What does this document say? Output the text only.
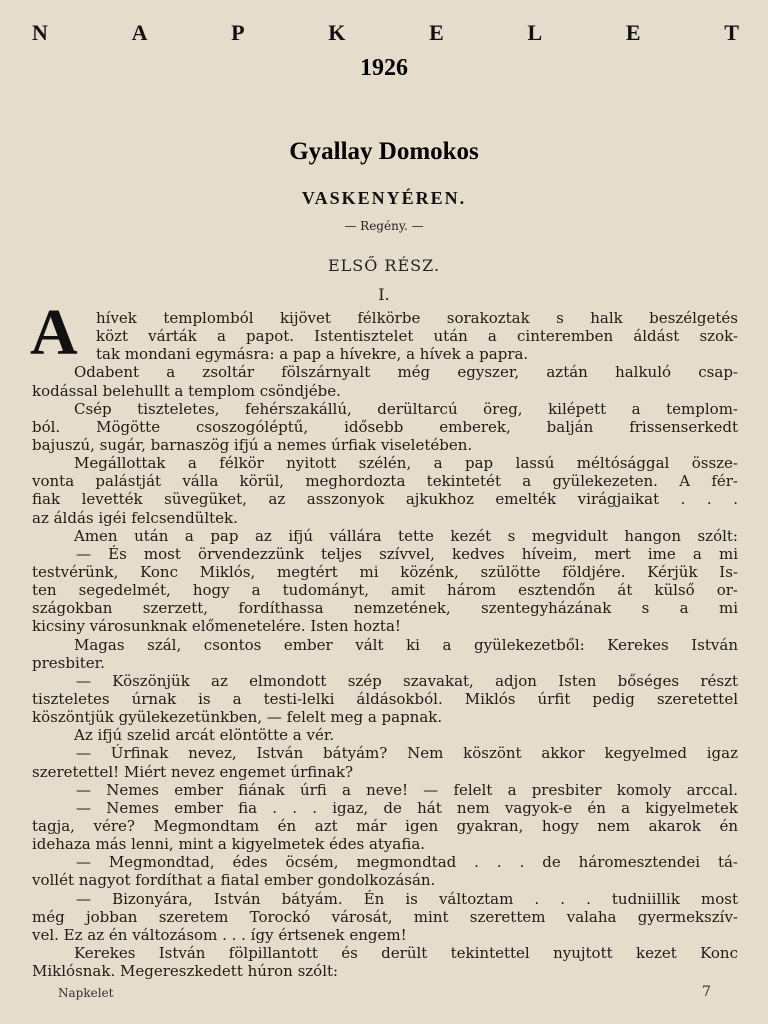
N	A	P	K	E	L	E	T
1926
Gyallay Domokos
VASKENYÉREN.
— Regény. —
ELSŐ RÉSZ.
I.
A	hívek templomból kijövet félkörbe sorakoztak s halk beszélgetés
közt várták a papot. Istentisztelet után a cinteremben áldást szok-
tak mondani egymásra: a pap a hívekre, a hívek a papra.
Odabent a zsoltár fölszárnyalt még egyszer, aztán halkuló csap-
kodással belehullt a templom csöndjébe.
Csép tiszteletes, fehérszakállú, derültarcú öreg, kilépett a templom-
ból. Mögötte csoszogóléptű, idősebb emberek, balján frissenserkedt
bajuszú, sugár, barnaszög ifjú a nemes úrfiak viseletében.
Megállottak a félkör nyitott szélén, a pap lassú méltósággal össze-
vonta palástját válla körül, meghordozta tekintetét a gyülekezeten. A fér-
fiak levették süvegüket, az asszonyok ajkukhoz emelték virágjaikat . . .
az áldás igéi felcsendültek.
Amen után a pap az ifjú vállára tette kezét s megvidult hangon szólt:
— És most örvendezzünk teljes szívvel, kedves híveim, mert ime a mi
testvérünk, Konc Miklós, megtért mi közénk, szülötte földjére. Kérjük Is-
ten segedelmét, hogy a tudományt, amit három esztendőn át külső or-
szágokban szerzett, fordíthassa nemzetének, szentegyházának s a mi
kicsiny városunknak előmenetelére. Isten hozta!
Magas szál, csontos ember vált ki a gyülekezetből: Kerekes István
presbiter.
— Köszönjük az elmondott szép szavakat, adjon Isten bőséges részt
tiszteletes úrnak is a testi-lelki áldásokból. Miklós úrfit pedig szeretettel
köszöntjük gyülekezetünkben, — felelt meg a papnak.
Az ifjú szelid arcát elöntötte a vér.
— Úrfinak nevez, István bátyám? Nem köszönt akkor kegyelmed igaz
szeretettel! Miért nevez engemet úrfinak?
— Nemes ember fiának úrfi a neve! — felelt a presbiter komoly arccal.
— Nemes ember fia . . . igaz, de hát nem vagyok-e én a kigyelmetek
tagja, vére? Megmondtam én azt már igen gyakran, hogy nem akarok én
idehaza más lenni, mint a kigyelmetek édes atyafia.
— Megmondtad, édes öcsém, megmondtad . . . de háromesztendei tá-
vollét nagyot fordíthat a fiatal ember gondolkozásán.
— Bizonyára, István bátyám. Én is változtam . . . tudniillik most
még jobban szeretem Torockó városát, mint szerettem valaha gyermekszív-
vel. Ez az én változásom . . . így értsenek engem!
Kerekes István fölpillantott és derült tekintettel nyujtott kezet Konc
Miklósnak. Megereszkedett húron szólt:
Napkelet	7
